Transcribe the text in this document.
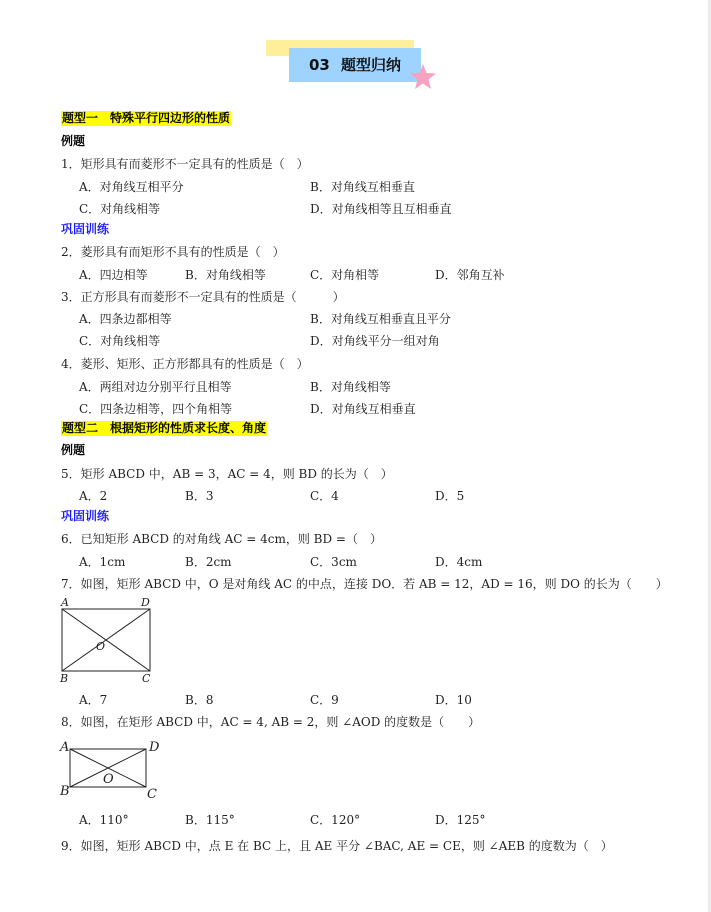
03 题型归纳
题型一　特殊平行四边形的性质
例题
1．矩形具有而菱形不一定具有的性质是（　）
A．对角线互相平分	B．对角线互相垂直
C．对角线相等	D．对角线相等且互相垂直
巩固训练
2．菱形具有而矩形不具有的性质是（　）
A．四边相等	B．对角线相等	C．对角相等	D．邻角互补
3．正方形具有而菱形不一定具有的性质是（　　　）
A．四条边都相等	B．对角线互相垂直且平分
C．对角线相等	D．对角线平分一组对角
4．菱形、矩形、正方形都具有的性质是（　）
A．两组对边分别平行且相等	B．对角线相等
C．四条边相等，四个角相等	D．对角线互相垂直
题型二　根据矩形的性质求长度、角度
例题
5．矩形 ABCD 中，AB = 3，AC = 4，则 BD 的长为（　）
A．2	B．3	C．4	D．5
巩固训练
6．已知矩形 ABCD 的对角线 AC = 4cm，则 BD =（　）
A．1cm	B．2cm	C．3cm	D．4cm
7．如图，矩形 ABCD 中，O 是对角线 AC 的中点，连接 DO．若 AB = 12，AD = 16，则 DO 的长为（　　）
A	D
B	C
O
A．7	B．8	C．9	D．10
8．如图，在矩形 ABCD 中，AC = 4, AB = 2，则 ∠AOD 的度数是（　　）
A	D
B	C
O
A．110°	B．115°	C．120°	D．125°
9．如图，矩形 ABCD 中，点 E 在 BC 上，且 AE 平分 ∠BAC, AE = CE，则 ∠AEB 的度数为（　）
